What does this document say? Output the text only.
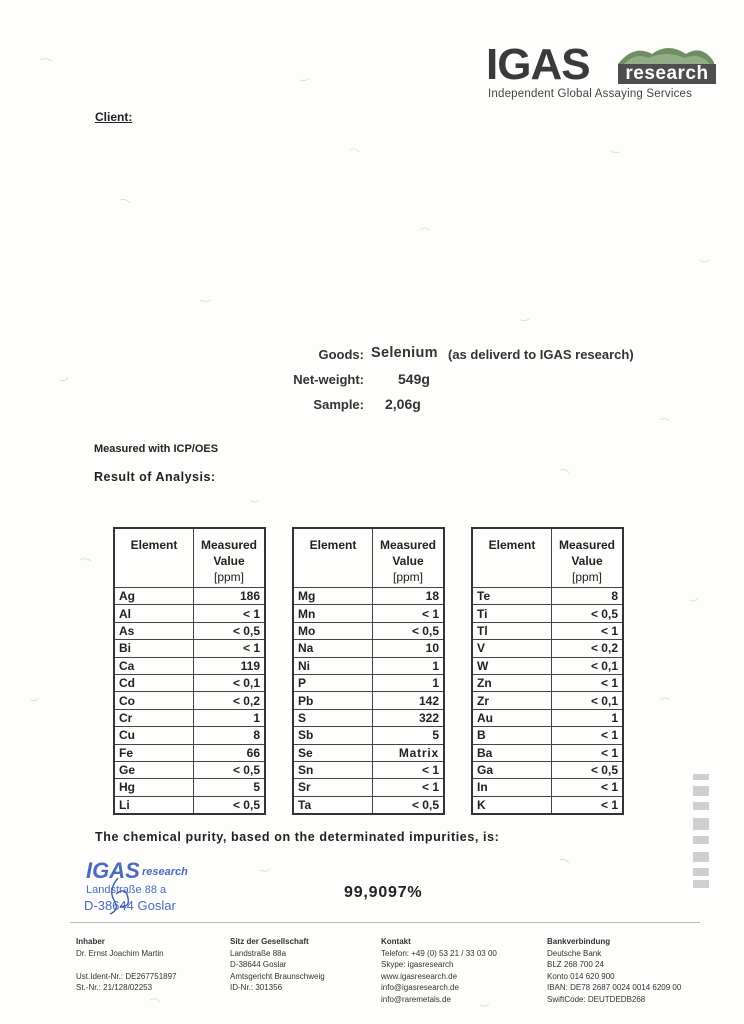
IGAS	research
Independent Global Assaying Services
Client:
Goods: Selenium (as deliverd to IGAS research)
Net-weight: 549g
Sample: 2,06g
Measured with ICP/OES
Result of Analysis:
Element	Measured
Value
[ppm]

Ag	186
Al	< 1
As	< 0,5
Bi	< 1
Ca	119
Cd	< 0,1
Co	< 0,2
Cr	1
Cu	8
Fe	66
Ge	< 0,5
Hg	5
Li	< 0,5
Element	Measured
Value
[ppm]

Mg	18
Mn	< 1
Mo	< 0,5
Na	10
Ni	1
P	1
Pb	142
S	322
Sb	5
Se	Matrix
Sn	< 1
Sr	< 1
Ta	< 0,5
Element	Measured
Value
[ppm]

Te	8
Ti	< 0,5
Tl	< 1
V	< 0,2
W	< 0,1
Zn	< 1
Zr	< 0,1
Au	1
B	< 1
Ba	< 1
Ga	< 0,5
In	< 1
K	< 1
The chemical purity, based on the determinated impurities, is:
IGAS research
Landstraße 88 a
D-38644 Goslar
99,9097%
Inhaber
Dr. Ernst Joachim Martin
Ust.Ident-Nr.: DE267751897
St.-Nr.: 21/128/02253
Sitz der Gesellschaft
Landstraße 88a
D-38644 Goslar
Amtsgericht Braunschweig
ID-Nr.: 301356
Kontakt
Telefon: +49 (0) 53 21 / 33 03 00
Skype: igasresearch
www.igasresearch.de
info@igasresearch.de
info@raremetals.de
Bankverbindung
Deutsche Bank
BLZ 268 700 24
Konto 014 620 900
IBAN: DE78 2687 0024 0014 6209 00
SwiftCode: DEUTDEDB268
